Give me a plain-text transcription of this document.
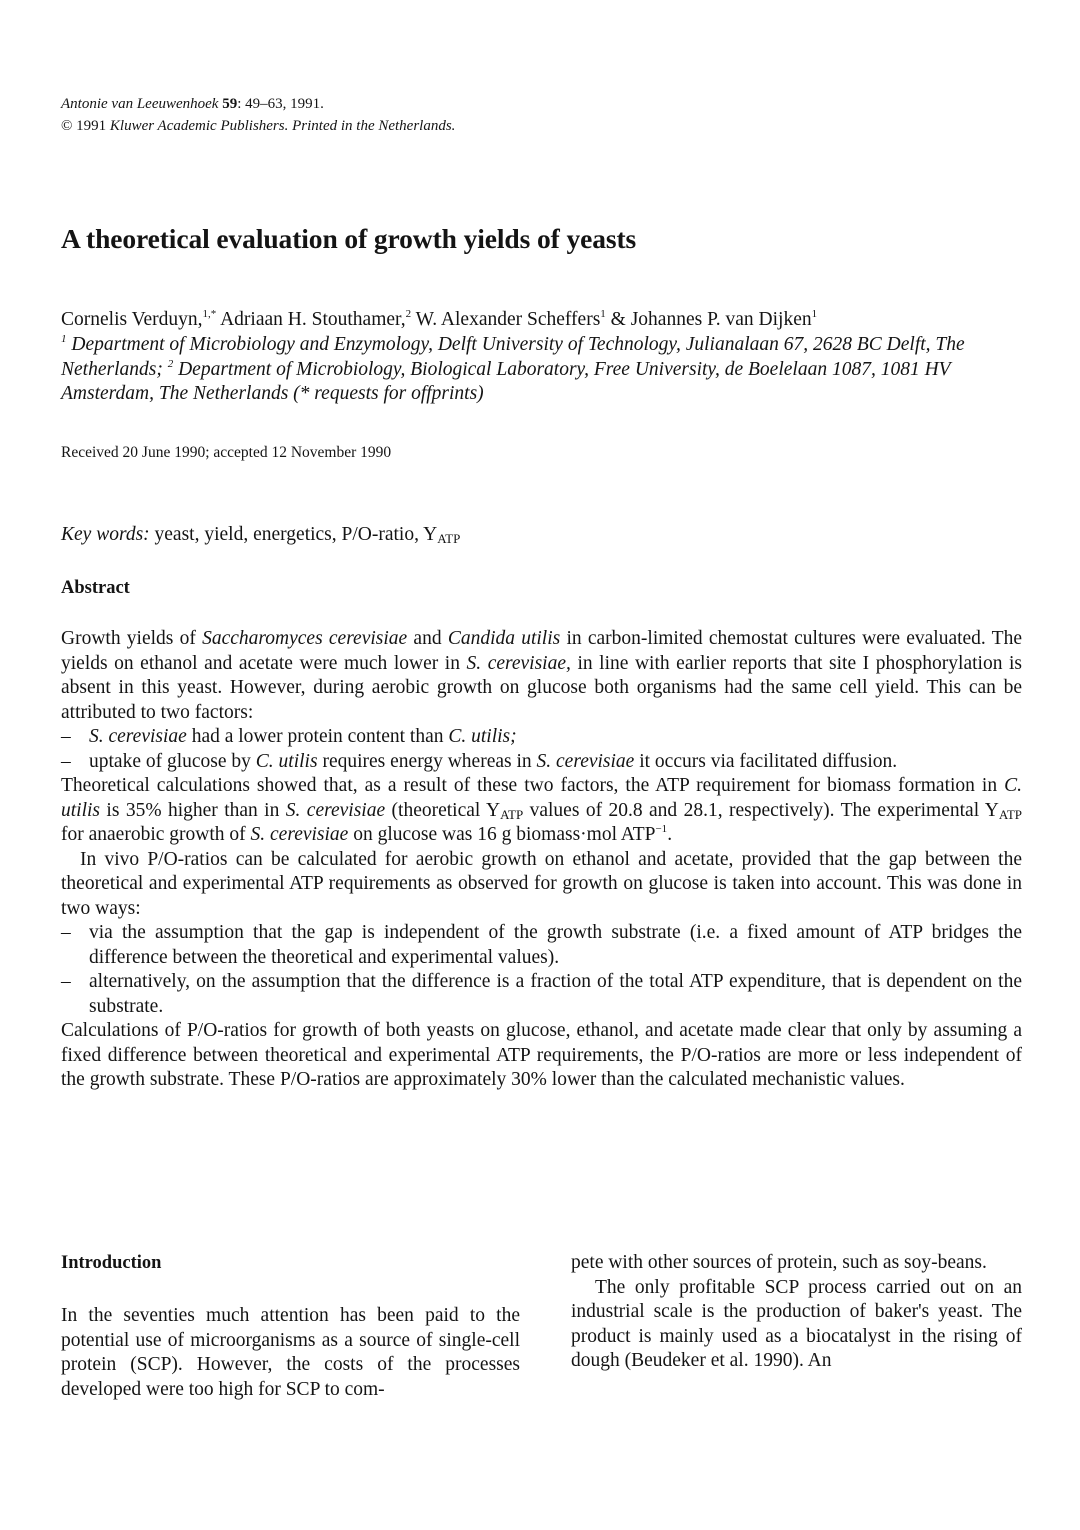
Antonie van Leeuwenhoek 59: 49–63, 1991.
© 1991 Kluwer Academic Publishers. Printed in the Netherlands.
A theoretical evaluation of growth yields of yeasts
Cornelis Verduyn,$^{1,*}$ Adriaan H. Stouthamer,$^2$ W. Alexander Scheffers$^1$ & Johannes P. van Dijken$^1$
$^1$ Department of Microbiology and Enzymology, Delft University of Technology, Julianalaan 67, 2628 BC Delft, The Netherlands; $^2$ Department of Microbiology, Biological Laboratory, Free University, de Boelelaan 1087, 1081 HV Amsterdam, The Netherlands (* requests for offprints)
Received 20 June 1990; accepted 12 November 1990
Key words: yeast, yield, energetics, P/O-ratio, $Y_{ATP}$
Abstract

Growth yields of Saccharomyces cerevisiae and Candida utilis in carbon-limited chemostat cultures were evaluated. The yields on ethanol and acetate were much lower in S. cerevisiae, in line with earlier reports that site I phosphorylation is absent in this yeast. However, during aerobic growth on glucose both organisms had the same cell yield. This can be attributed to two factors:

– S. cerevisiae had a lower protein content than C. utilis;

– uptake of glucose by C. utilis requires energy whereas in S. cerevisiae it occurs via facilitated diffusion.

Theoretical calculations showed that, as a result of these two factors, the ATP requirement for biomass formation in C. utilis is 35% higher than in S. cerevisiae (theoretical $Y_{ATP}$ values of 20.8 and 28.1, respectively). The experimental $Y_{ATP}$ for anaerobic growth of S. cerevisiae on glucose was 16 g biomass·mol $ATP^{-1}$.

In vivo P/O-ratios can be calculated for aerobic growth on ethanol and acetate, provided that the gap between the theoretical and experimental ATP requirements as observed for growth on glucose is taken into account. This was done in two ways:

– via the assumption that the gap is independent of the growth substrate (i.e. a fixed amount of ATP bridges the difference between the theoretical and experimental values).

– alternatively, on the assumption that the difference is a fraction of the total ATP expenditure, that is dependent on the substrate.

Calculations of P/O-ratios for growth of both yeasts on glucose, ethanol, and acetate made clear that only by assuming a fixed difference between theoretical and experimental ATP requirements, the P/O-ratios are more or less independent of the growth substrate. These P/O-ratios are approximately 30% lower than the calculated mechanistic values.

Introduction

In the seventies much attention has been paid to the potential use of microorganisms as a source of single-cell protein (SCP). However, the costs of the processes developed were too high for SCP to com-

pete with other sources of protein, such as soy-beans.

The only profitable SCP process carried out on an industrial scale is the production of baker's yeast. The product is mainly used as a biocatalyst in the rising of dough (Beudeker et al. 1990). An
